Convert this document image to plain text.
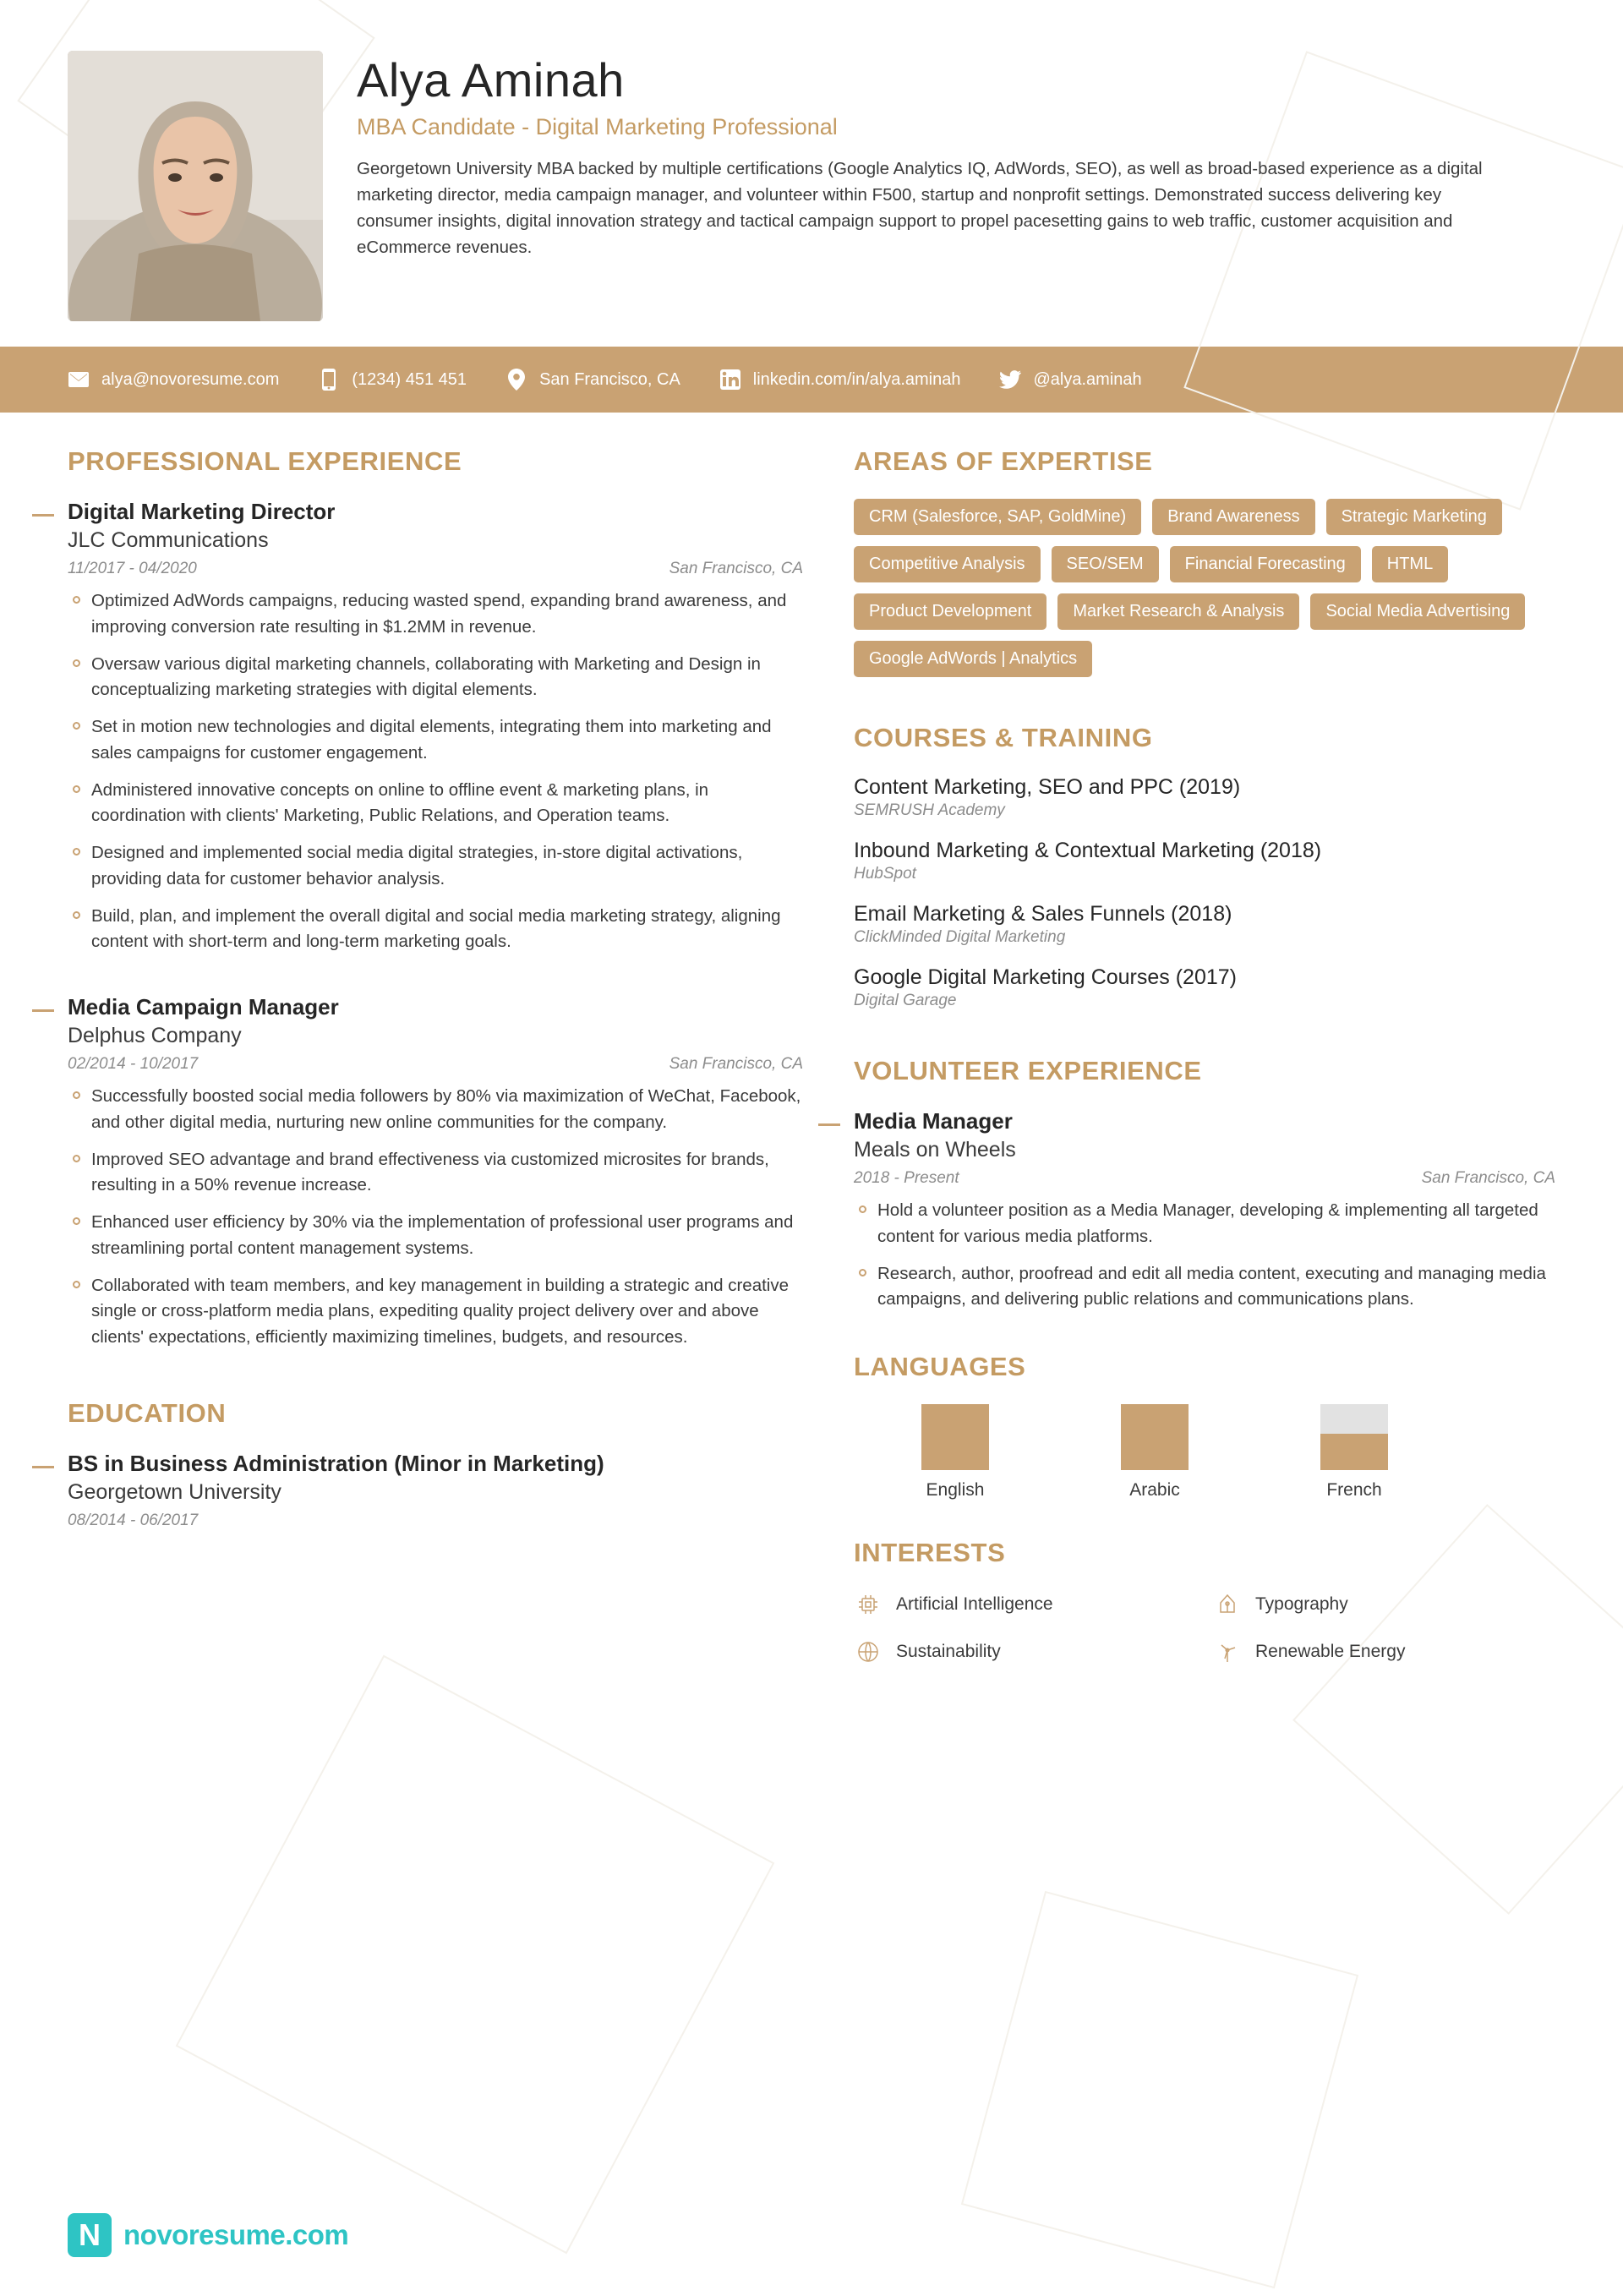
Alya Aminah
MBA Candidate - Digital Marketing Professional

Georgetown University MBA backed by multiple certifications (Google Analytics IQ, AdWords, SEO), as well as broad-based experience as a digital marketing director, media campaign manager, and volunteer within F500, startup and nonprofit settings. Demonstrated success delivering key consumer insights, digital innovation strategy and tactical campaign support to propel pacesetting gains to web traffic, customer acquisition and eCommerce revenues.

alya@novoresume.com	(1234) 451 451	San Francisco, CA	linkedin.com/in/alya.aminah	@alya.aminah
PROFESSIONAL EXPERIENCE
Digital Marketing Director
JLC Communications
11/2017 - 04/2020	San Francisco, CA
Optimized AdWords campaigns, reducing wasted spend, expanding brand awareness, and improving conversion rate resulting in $1.2MM in revenue.
Oversaw various digital marketing channels, collaborating with Marketing and Design in conceptualizing marketing strategies with digital elements.
Set in motion new technologies and digital elements, integrating them into marketing and sales campaigns for customer engagement.
Administered innovative concepts on online to offline event & marketing plans, in coordination with clients' Marketing, Public Relations, and Operation teams.
Designed and implemented social media digital strategies, in-store digital activations, providing data for customer behavior analysis.
Build, plan, and implement the overall digital and social media marketing strategy, aligning content with short-term and long-term marketing goals.
Media Campaign Manager
Delphus Company
02/2014 - 10/2017	San Francisco, CA
Successfully boosted social media followers by 80% via maximization of WeChat, Facebook, and other digital media, nurturing new online communities for the company.
Improved SEO advantage and brand effectiveness via customized microsites for brands, resulting in a 50% revenue increase.
Enhanced user efficiency by 30% via the implementation of professional user programs and streamlining portal content management systems.
Collaborated with team members, and key management in building a strategic and creative single or cross-platform media plans, expediting quality project delivery over and above clients' expectations, efficiently maximizing timelines, budgets, and resources.
EDUCATION
BS in Business Administration (Minor in Marketing)
Georgetown University
08/2014 - 06/2017
AREAS OF EXPERTISE
CRM (Salesforce, SAP, GoldMine)	Brand Awareness	Strategic Marketing
Competitive Analysis	SEO/SEM	Financial Forecasting	HTML
Product Development	Market Research & Analysis	Social Media Advertising
Google AdWords | Analytics
COURSES & TRAINING
Content Marketing, SEO and PPC (2019)
SEMRUSH Academy
Inbound Marketing & Contextual Marketing (2018)
HubSpot
Email Marketing & Sales Funnels (2018)
ClickMinded Digital Marketing
Google Digital Marketing Courses (2017)
Digital Garage
VOLUNTEER EXPERIENCE
Media Manager
Meals on Wheels
2018 - Present	San Francisco, CA
Hold a volunteer position as a Media Manager, developing & implementing all targeted content for various media platforms.
Research, author, proofread and edit all media content, executing and managing media campaigns, and delivering public relations and communications plans.
LANGUAGES
English	Arabic	French
INTERESTS
Artificial Intelligence	Typography
Sustainability	Renewable Energy
N novoresume.com
